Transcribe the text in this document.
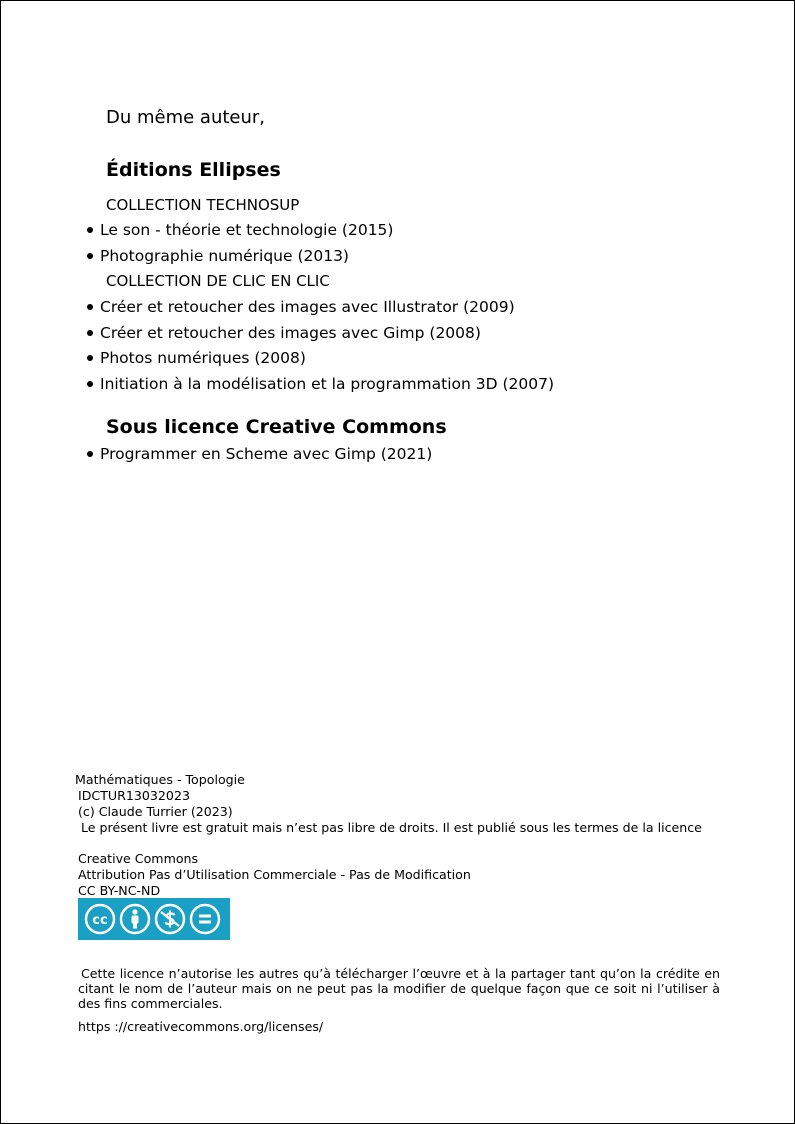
Du même auteur,
Éditions Ellipses
COLLECTION TECHNOSUP
Le son - théorie et technologie (2015)
Photographie numérique (2013)
COLLECTION DE CLIC EN CLIC
Créer et retoucher des images avec Illustrator (2009)
Créer et retoucher des images avec Gimp (2008)
Photos numériques (2008)
Initiation à la modélisation et la programmation 3D (2007)
Sous licence Creative Commons
Programmer en Scheme avec Gimp (2021)
Mathématiques - Topologie
IDCTUR13032023
(c) Claude Turrier (2023)
Le présent livre est gratuit mais n’est pas libre de droits. Il est publié sous les termes de la licence
Creative Commons
Attribution Pas d’Utilisation Commerciale - Pas de Modification
CC BY-NC-ND
cc
Cette licence n’autorise les autres qu’à télécharger l’œuvre et à la partager tant qu’on la crédite en citant le nom de l’auteur mais on ne peut pas la modifier de quelque façon que ce soit ni l’utiliser à des fins commerciales.
https ://creativecommons.org/licenses/
